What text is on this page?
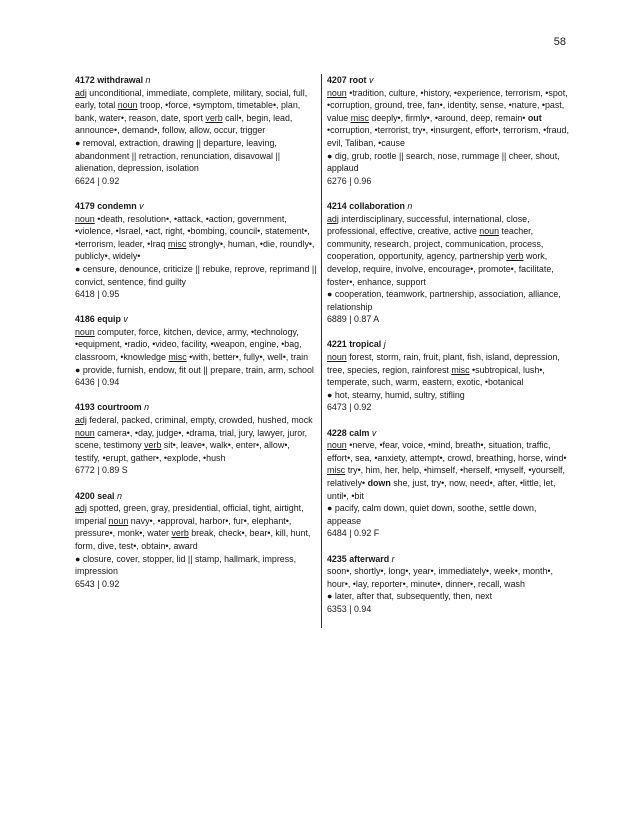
58
4172 withdrawal n
adj unconditional, immediate, complete, military, social, full, early, total noun troop, •force, •symptom, timetable•, plan, bank, water•, reason, date, sport verb call•, begin, lead, announce•, demand•, follow, allow, occur, trigger
● removal, extraction, drawing || departure, leaving, abandonment || retraction, renunciation, disavowal || alienation, depression, isolation
6624 | 0.92
4179 condemn v
noun •death, resolution•, •attack, •action, government, •violence, •Israel, •act, right, •bombing, council•, statement•, •terrorism, leader, •Iraq misc strongly•, human, •die, roundly•, publicly•, widely•
● censure, denounce, criticize || rebuke, reprove, reprimand || convict, sentence, find guilty
6418 | 0.95
4186 equip v
noun computer, force, kitchen, device, army, •technology, •equipment, •radio, •video, facility, •weapon, engine, •bag, classroom, •knowledge misc •with, better•, fully•, well•, train
● provide, furnish, endow, fit out || prepare, train, arm, school
6436 | 0.94
4193 courtroom n
adj federal, packed, criminal, empty, crowded, hushed, mock noun camera•, •day, judge•, •drama, trial, jury, lawyer, juror, scene, testimony verb sit•, leave•, walk•, enter•, allow•, testify, •erupt, gather•, •explode, •hush
6772 | 0.89 S
4200 seal n
adj spotted, green, gray, presidential, official, tight, airtight, imperial noun navy•, •approval, harbor•, fur•, elephant•, pressure•, monk•, water verb break, check•, bear•, kill, hunt, form, dive, test•, obtain•, award
● closure, cover, stopper, lid || stamp, hallmark, impress, impression
6543 | 0.92
4207 root v
noun •tradition, culture, •history, •experience, terrorism, •spot, •corruption, ground, tree, fan•, identity, sense, •nature, •past, value misc deeply•, firmly•, •around, deep, remain• out •corruption, •terrorist, try•, •insurgent, effort•, terrorism, •fraud, evil, Taliban, •cause
● dig, grub, rootle || search, nose, rummage || cheer, shout, applaud
6276 | 0.96
4214 collaboration n
adj interdisciplinary, successful, international, close, professional, effective, creative, active noun teacher, community, research, project, communication, process, cooperation, opportunity, agency, partnership verb work, develop, require, involve, encourage•, promote•, facilitate, foster•, enhance, support
● cooperation, teamwork, partnership, association, alliance, relationship
6889 | 0.87 A
4221 tropical j
noun forest, storm, rain, fruit, plant, fish, island, depression, tree, species, region, rainforest misc •subtropical, lush•, temperate, such, warm, eastern, exotic, •botanical
● hot, steamy, humid, sultry, stifling
6473 | 0.92
4228 calm v
noun •nerve, •fear, voice, •mind, breath•, situation, traffic, effort•, sea, •anxiety, attempt•, crowd, breathing, horse, wind• misc try•, him, her, help, •himself, •herself, •myself, •yourself, relatively• down she, just, try•, now, need•, after, •little, let, until•, •bit
● pacify, calm down, quiet down, soothe, settle down, appease
6484 | 0.92 F
4235 afterward r
soon•, shortly•, long•, year•, immediately•, week•, month•, hour•, •lay, reporter•, minute•, dinner•, recall, wash
● later, after that, subsequently, then, next
6353 | 0.94
